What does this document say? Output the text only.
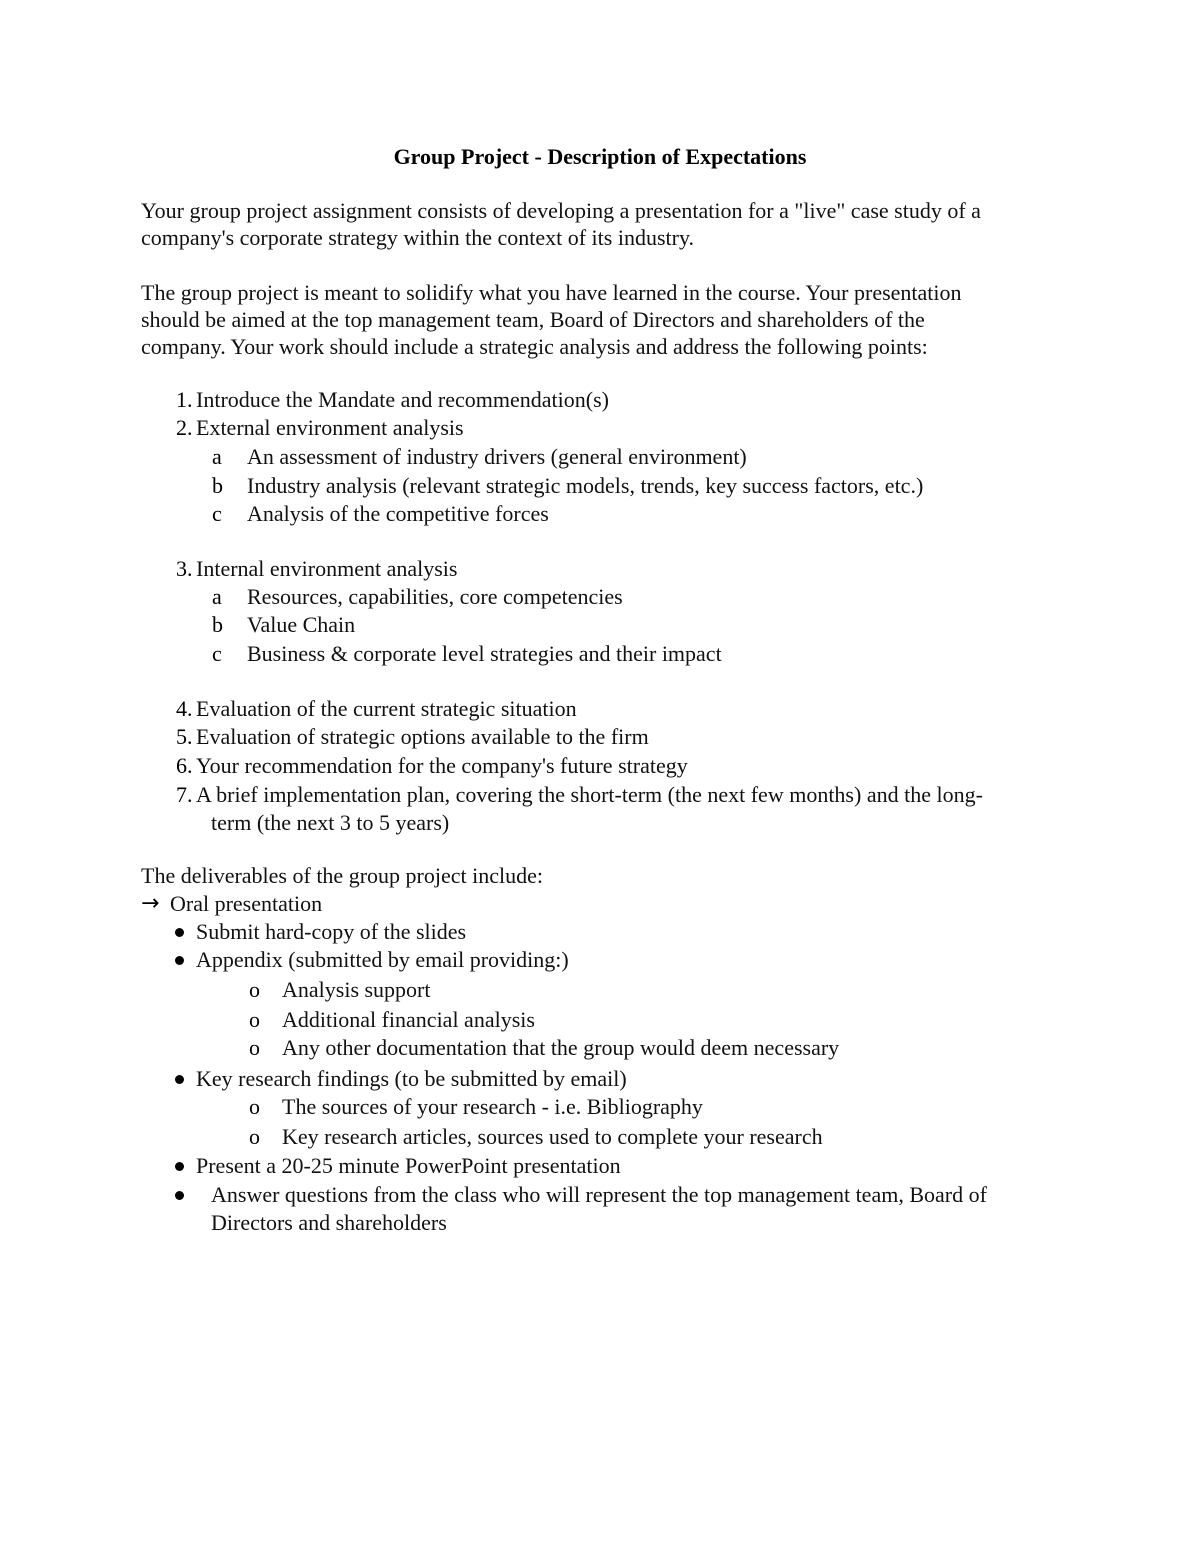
Group Project - Description of Expectations
Your group project assignment consists of developing a presentation for a "live" case study of a
company's corporate strategy within the context of its industry.
The group project is meant to solidify what you have learned in the course. Your presentation
should be aimed at the top management team, Board of Directors and shareholders of the
company. Your work should include a strategic analysis and address the following points:
1. Introduce the Mandate and recommendation(s)
2. External environment analysis
a An assessment of industry drivers (general environment)
b Industry analysis (relevant strategic models, trends, key success factors, etc.)
c Analysis of the competitive forces
3. Internal environment analysis
a Resources, capabilities, core competencies
b Value Chain
c Business & corporate level strategies and their impact
4. Evaluation of the current strategic situation
5. Evaluation of strategic options available to the firm
6. Your recommendation for the company's future strategy
7. A brief implementation plan, covering the short-term (the next few months) and the long-
term (the next 3 to 5 years)
The deliverables of the group project include:
→ Oral presentation
Submit hard-copy of the slides
Appendix (submitted by email providing:)
o Analysis support
o Additional financial analysis
o Any other documentation that the group would deem necessary
Key research findings (to be submitted by email)
o The sources of your research - i.e. Bibliography
o Key research articles, sources used to complete your research
Present a 20-25 minute PowerPoint presentation
Answer questions from the class who will represent the top management team, Board of
Directors and shareholders
